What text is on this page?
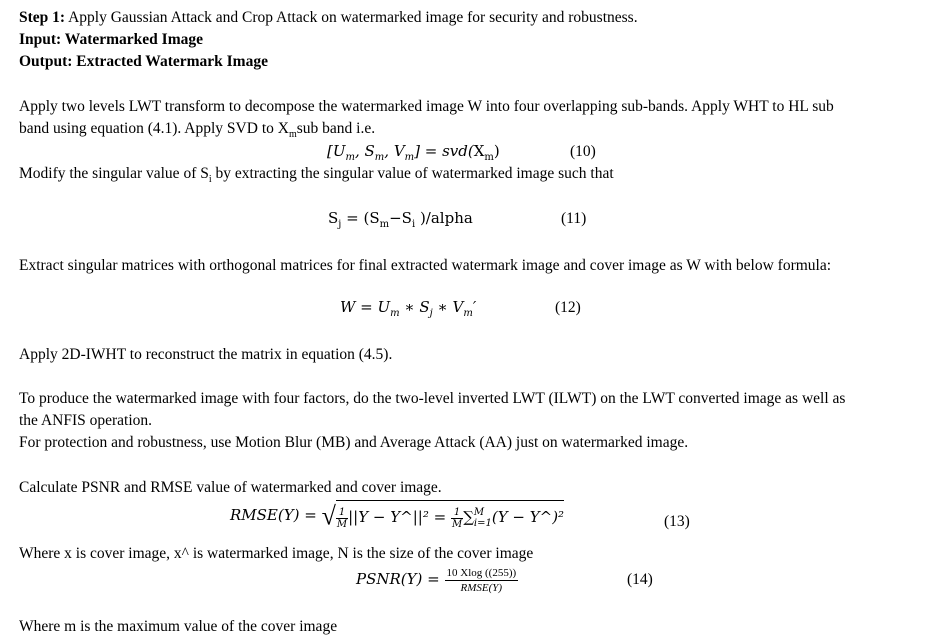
Step 1: Apply Gaussian Attack and Crop Attack on watermarked image for security and robustness.
Input: Watermarked Image
Output: Extracted Watermark Image
Apply two levels LWT transform to decompose the watermarked image W into four overlapping sub-bands. Apply WHT to HL sub
band using equation (4.1). Apply SVD to $X_msub$ band i.e.
[$U_m$, $S_m$, $V_m] = svd(X_m)$	(10)
Modify the singular value of $S_i$ by extracting the singular value of watermarked image such that
$S_j = (S_m-S_i$ )/alpha	(11)
Extract singular matrices with orthogonal matrices for final extracted watermark image and cover image as W with below formula:
$W = U_m$ ∗ $S_j$ ∗ $V_m'$	(12)
Apply 2D-IWHT to reconstruct the matrix in equation (4.5).
To produce the watermarked image with four factors, do the two-level inverted LWT (ILWT) on the LWT converted image as well as
the ANFIS operation.
For protection and robustness, use Motion Blur (MB) and Average Attack (AA) just on watermarked image.
Calculate PSNR and RMSE value of watermarked and cover image.
RMSE(Y) = √ $\frac{1}{M} ||Y$ − Y^||² = $\frac{1}{M}$ ∑ M
i=1 (Y − Y^)²	(13)
Where x is cover image, x^ is watermarked image, N is the size of the cover image
PSNR(Y) = $\frac{10 Xlog ((255))}{\text{RMSE(Y)}}$	(14)
Where m is the maximum value of the cover image
